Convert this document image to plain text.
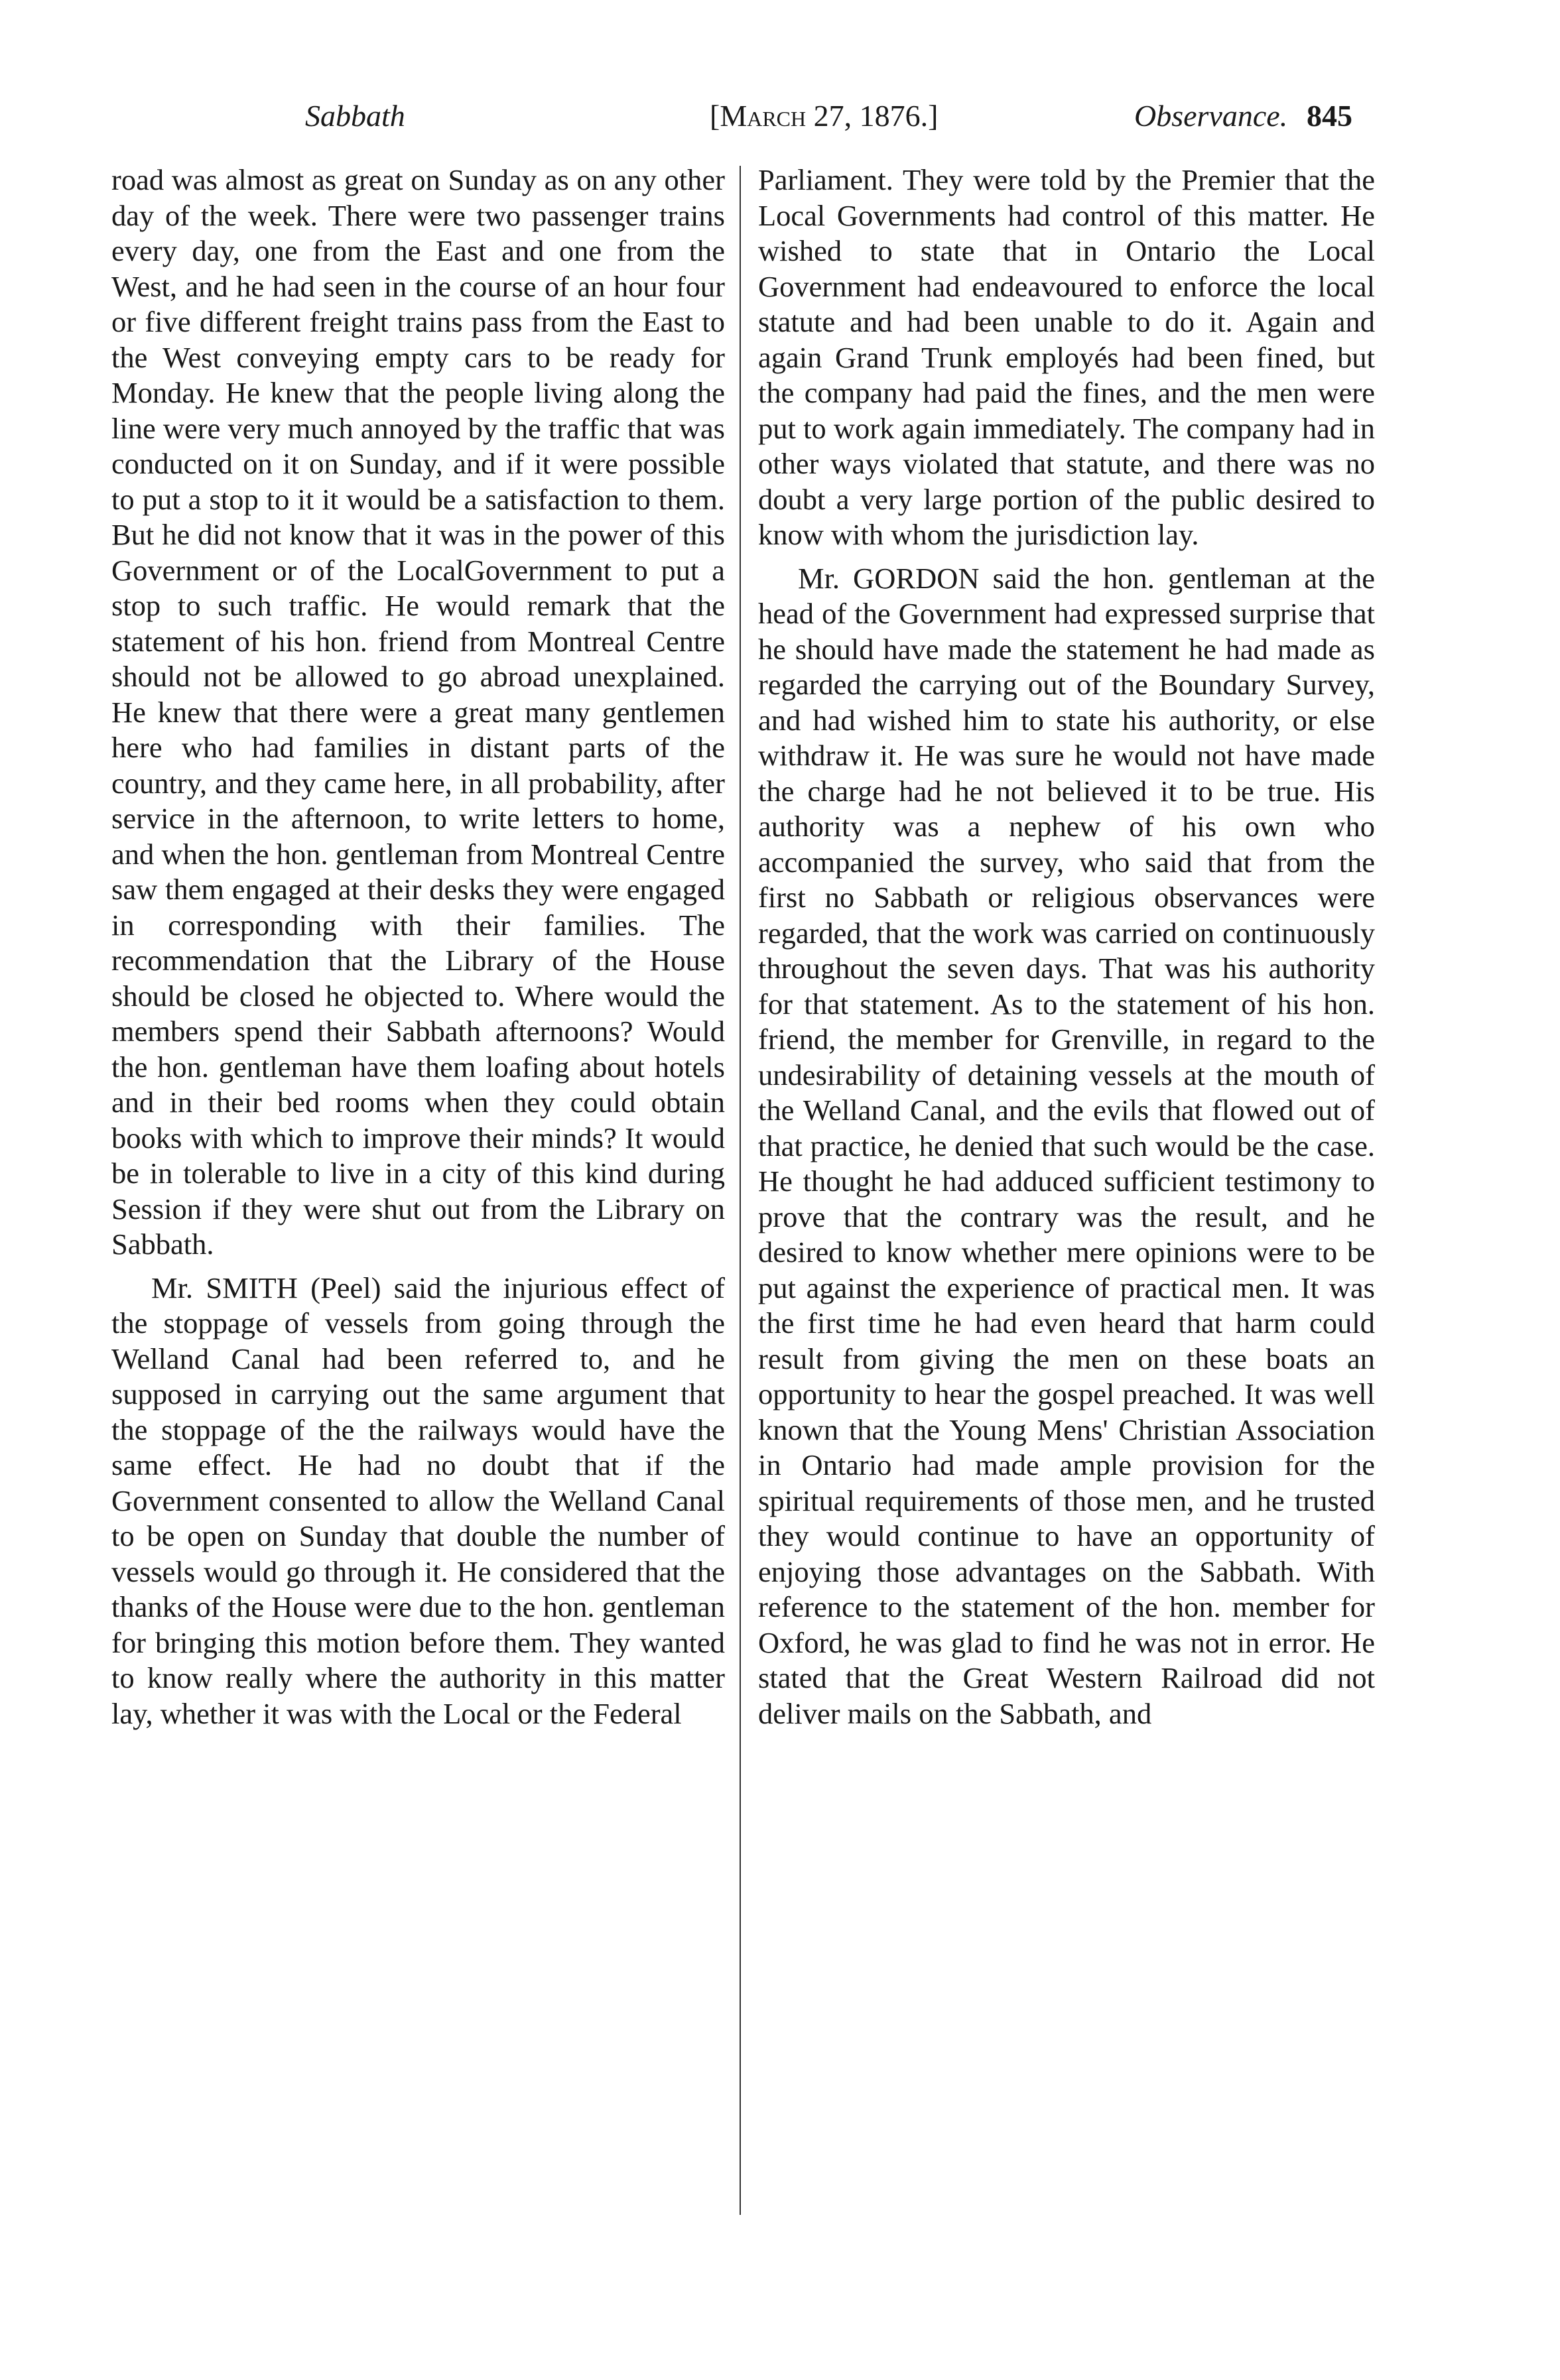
Sabbath	[March 27, 1876.]	Observance. 845

road was almost as great on Sunday as on any other day of the week. There were two passenger trains every day, one from the East and one from the West, and he had seen in the course of an hour four or five different freight trains pass from the East to the West conveying empty cars to be ready for Monday. He knew that the people living along the line were very much annoyed by the traffic that was conducted on it on Sunday, and if it were possible to put a stop to it it would be a satisfaction to them. But he did not know that it was in the power of this Government or of the LocalGovernment to put a stop to such traffic. He would remark that the statement of his hon. friend from Montreal Centre should not be allowed to go abroad unexplained. He knew that there were a great many gentlemen here who had families in distant parts of the country, and they came here, in all probability, after service in the afternoon, to write letters to home, and when the hon. gentleman from Montreal Centre saw them engaged at their desks they were engaged in corresponding with their families. The recommendation that the Library of the House should be closed he objected to. Where would the members spend their Sabbath afternoons? Would the hon. gentleman have them loafing about hotels and in their bed rooms when they could obtain books with which to improve their minds? It would be in tolerable to live in a city of this kind during Session if they were shut out from the Library on Sabbath.

Mr. SMITH (Peel) said the injurious effect of the stoppage of vessels from going through the Welland Canal had been referred to, and he supposed in carrying out the same argument that the stoppage of the the railways would have the same effect. He had no doubt that if the Government consented to allow the Welland Canal to be open on Sunday that double the number of vessels would go through it. He considered that the thanks of the House were due to the hon. gentleman for bringing this motion before them. They wanted to know really where the authority in this matter lay, whether it was with the Local or the Federal

Parliament. They were told by the Premier that the Local Governments had control of this matter. He wished to state that in Ontario the Local Government had endeavoured to enforce the local statute and had been unable to do it. Again and again Grand Trunk employés had been fined, but the company had paid the fines, and the men were put to work again immediately. The company had in other ways violated that statute, and there was no doubt a very large portion of the public desired to know with whom the jurisdiction lay.

Mr. GORDON said the hon. gentleman at the head of the Government had expressed surprise that he should have made the statement he had made as regarded the carrying out of the Boundary Survey, and had wished him to state his authority, or else withdraw it. He was sure he would not have made the charge had he not believed it to be true. His authority was a nephew of his own who accompanied the survey, who said that from the first no Sabbath or religious observances were regarded, that the work was carried on continuously throughout the seven days. That was his authority for that statement. As to the statement of his hon. friend, the member for Grenville, in regard to the undesirability of detaining vessels at the mouth of the Welland Canal, and the evils that flowed out of that practice, he denied that such would be the case. He thought he had adduced sufficient testimony to prove that the contrary was the result, and he desired to know whether mere opinions were to be put against the experience of practical men. It was the first time he had even heard that harm could result from giving the men on these boats an opportunity to hear the gospel preached. It was well known that the Young Mens' Christian Association in Ontario had made ample provision for the spiritual requirements of those men, and he trusted they would continue to have an opportunity of enjoying those advantages on the Sabbath. With reference to the statement of the hon. member for Oxford, he was glad to find he was not in error. He stated that the Great Western Railroad did not deliver mails on the Sabbath, and
